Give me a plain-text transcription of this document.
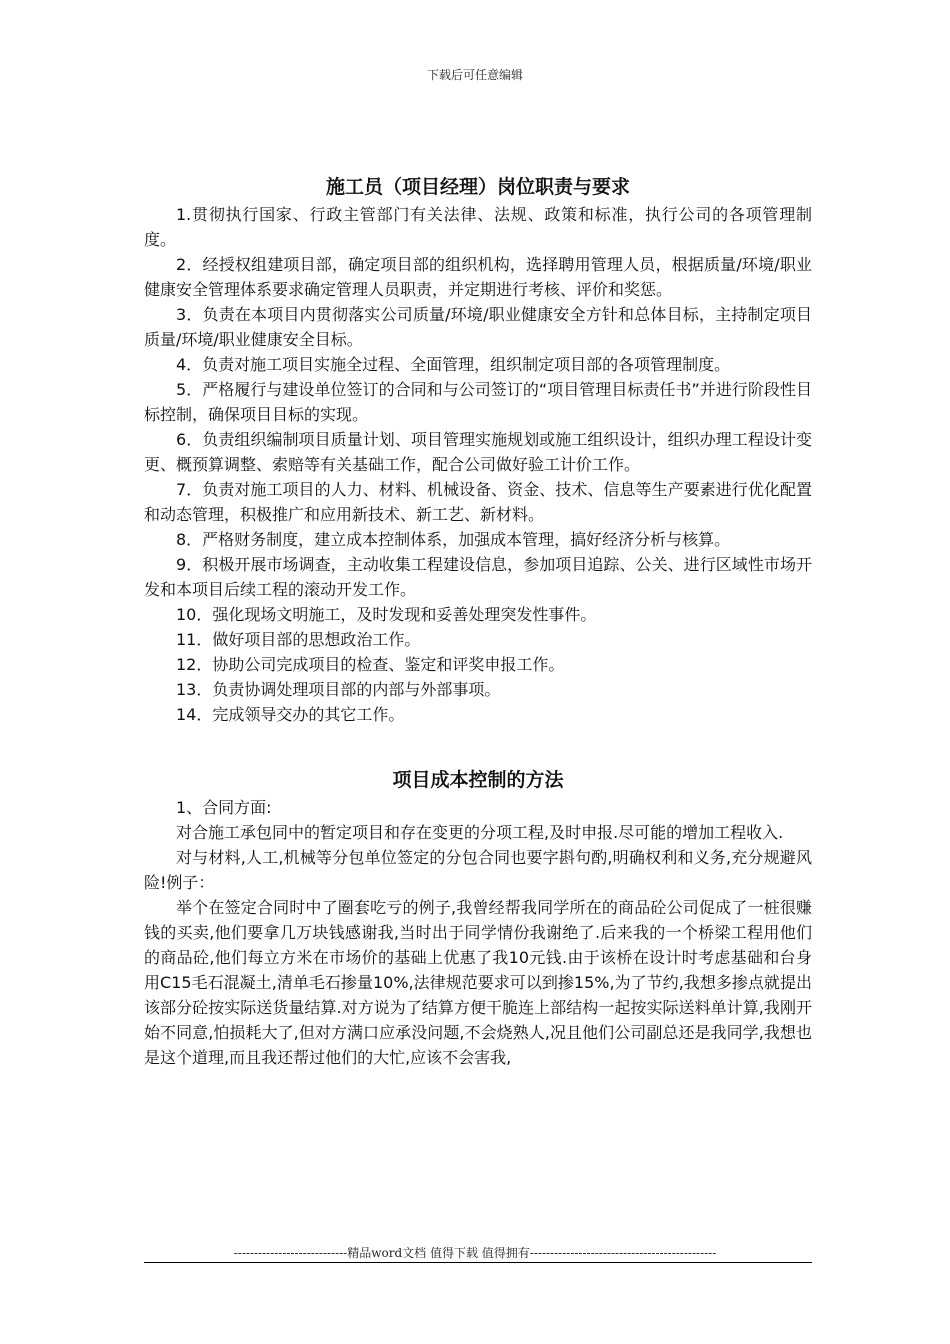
下载后可任意编辑
施工员（项目经理）岗位职责与要求

1.贯彻执行国家、行政主管部门有关法律、法规、政策和标准，执行公司的各项管理制度。

2．经授权组建项目部，确定项目部的组织机构，选择聘用管理人员，根据质量/环境/职业健康安全管理体系要求确定管理人员职责，并定期进行考核、评价和奖惩。

3．负责在本项目内贯彻落实公司质量/环境/职业健康安全方针和总体目标，主持制定项目质量/环境/职业健康安全目标。

4．负责对施工项目实施全过程、全面管理，组织制定项目部的各项管理制度。

5．严格履行与建设单位签订的合同和与公司签订的“项目管理目标责任书”并进行阶段性目标控制，确保项目目标的实现。

6．负责组织编制项目质量计划、项目管理实施规划或施工组织设计，组织办理工程设计变更、概预算调整、索赔等有关基础工作，配合公司做好验工计价工作。

7．负责对施工项目的人力、材料、机械设备、资金、技术、信息等生产要素进行优化配置和动态管理，积极推广和应用新技术、新工艺、新材料。

8．严格财务制度，建立成本控制体系，加强成本管理，搞好经济分析与核算。

9．积极开展市场调查，主动收集工程建设信息，参加项目追踪、公关、进行区域性市场开发和本项目后续工程的滚动开发工作。

10．强化现场文明施工，及时发现和妥善处理突发性事件。

11．做好项目部的思想政治工作。

12．协助公司完成项目的检查、鉴定和评奖申报工作。

13．负责协调处理项目部的内部与外部事项。

14．完成领导交办的其它工作。

项目成本控制的方法

1、合同方面:

对合施工承包同中的暂定项目和存在变更的分项工程,及时申报.尽可能的增加工程收入.

对与材料,人工,机械等分包单位签定的分包合同也要字斟句酌,明确权利和义务,充分规避风险!例子：

举个在签定合同时中了圈套吃亏的例子,我曾经帮我同学所在的商品砼公司促成了一桩很赚钱的买卖,他们要拿几万块钱感谢我,当时出于同学情份我谢绝了.后来我的一个桥梁工程用他们的商品砼,他们每立方米在市场价的基础上优惠了我10元钱.由于该桥在设计时考虑基础和台身用C15毛石混凝土,清单毛石掺量10%,法律规范要求可以到掺15%,为了节约,我想多掺点就提出该部分砼按实际送货量结算.对方说为了结算方便干脆连上部结构一起按实际送料单计算,我刚开始不同意,怕损耗大了,但对方满口应承没问题,不会烧熟人,况且他们公司副总还是我同学,我想也是这个道理,而且我还帮过他们的大忙,应该不会害我,

----------------------------精品word文档 值得下载 值得拥有----------------------------------------------
